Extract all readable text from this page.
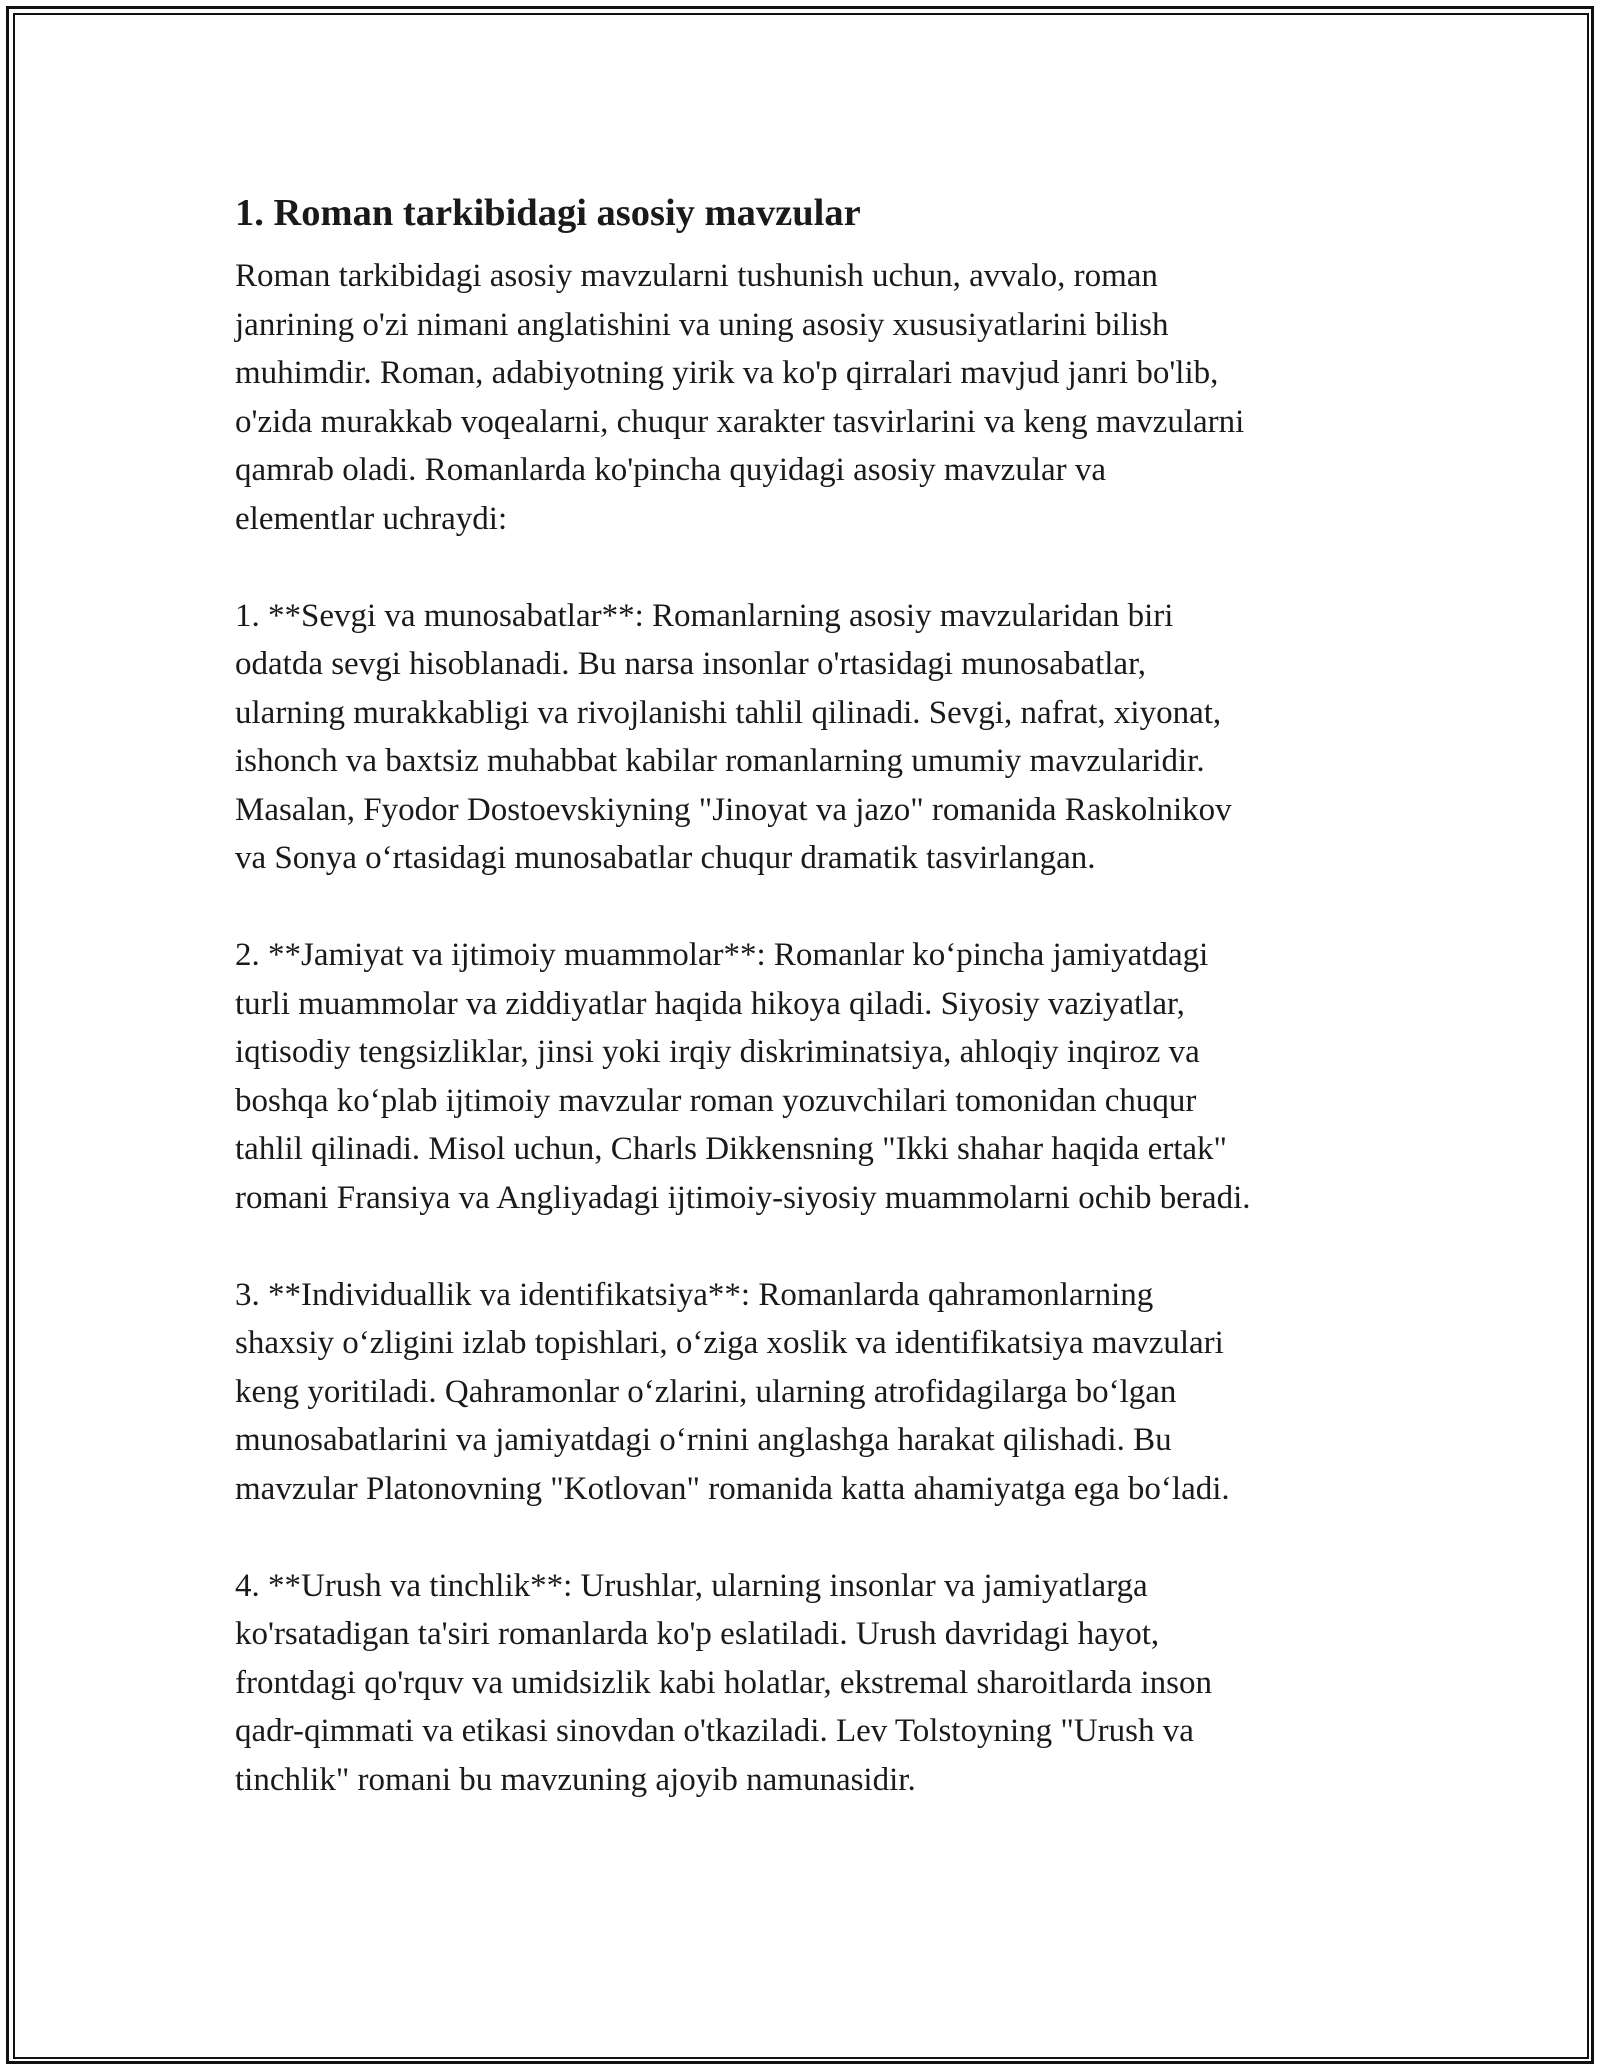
1. Roman tarkibidagi asosiy mavzular

Roman tarkibidagi asosiy mavzularni tushunish uchun, avvalo, roman
janrining o'zi nimani anglatishini va uning asosiy xususiyatlarini bilish
muhimdir. Roman, adabiyotning yirik va ko'p qirralari mavjud janri bo'lib,
o'zida murakkab voqealarni, chuqur xarakter tasvirlarini va keng mavzularni
qamrab oladi. Romanlarda ko'pincha quyidagi asosiy mavzular va
elementlar uchraydi:

1. **Sevgi va munosabatlar**: Romanlarning asosiy mavzularidan biri
odatda sevgi hisoblanadi. Bu narsa insonlar o'rtasidagi munosabatlar,
ularning murakkabligi va rivojlanishi tahlil qilinadi. Sevgi, nafrat, xiyonat,
ishonch va baxtsiz muhabbat kabilar romanlarning umumiy mavzularidir.
Masalan, Fyodor Dostoevskiyning "Jinoyat va jazo" romanida Raskolnikov
va Sonya o‘rtasidagi munosabatlar chuqur dramatik tasvirlangan.

2. **Jamiyat va ijtimoiy muammolar**: Romanlar ko‘pincha jamiyatdagi
turli muammolar va ziddiyatlar haqida hikoya qiladi. Siyosiy vaziyatlar,
iqtisodiy tengsizliklar, jinsi yoki irqiy diskriminatsiya, ahloqiy inqiroz va
boshqa ko‘plab ijtimoiy mavzular roman yozuvchilari tomonidan chuqur
tahlil qilinadi. Misol uchun, Charls Dikkensning "Ikki shahar haqida ertak"
romani Fransiya va Angliyadagi ijtimoiy-siyosiy muammolarni ochib beradi.

3. **Individuallik va identifikatsiya**: Romanlarda qahramonlarning
shaxsiy o‘zligini izlab topishlari, o‘ziga xoslik va identifikatsiya mavzulari
keng yoritiladi. Qahramonlar o‘zlarini, ularning atrofidagilarga bo‘lgan
munosabatlarini va jamiyatdagi o‘rnini anglashga harakat qilishadi. Bu
mavzular Platonovning "Kotlovan" romanida katta ahamiyatga ega bo‘ladi.

4. **Urush va tinchlik**: Urushlar, ularning insonlar va jamiyatlarga
ko'rsatadigan ta'siri romanlarda ko'p eslatiladi. Urush davridagi hayot,
frontdagi qo'rquv va umidsizlik kabi holatlar, ekstremal sharoitlarda inson
qadr-qimmati va etikasi sinovdan o'tkaziladi. Lev Tolstoyning "Urush va
tinchlik" romani bu mavzuning ajoyib namunasidir.
